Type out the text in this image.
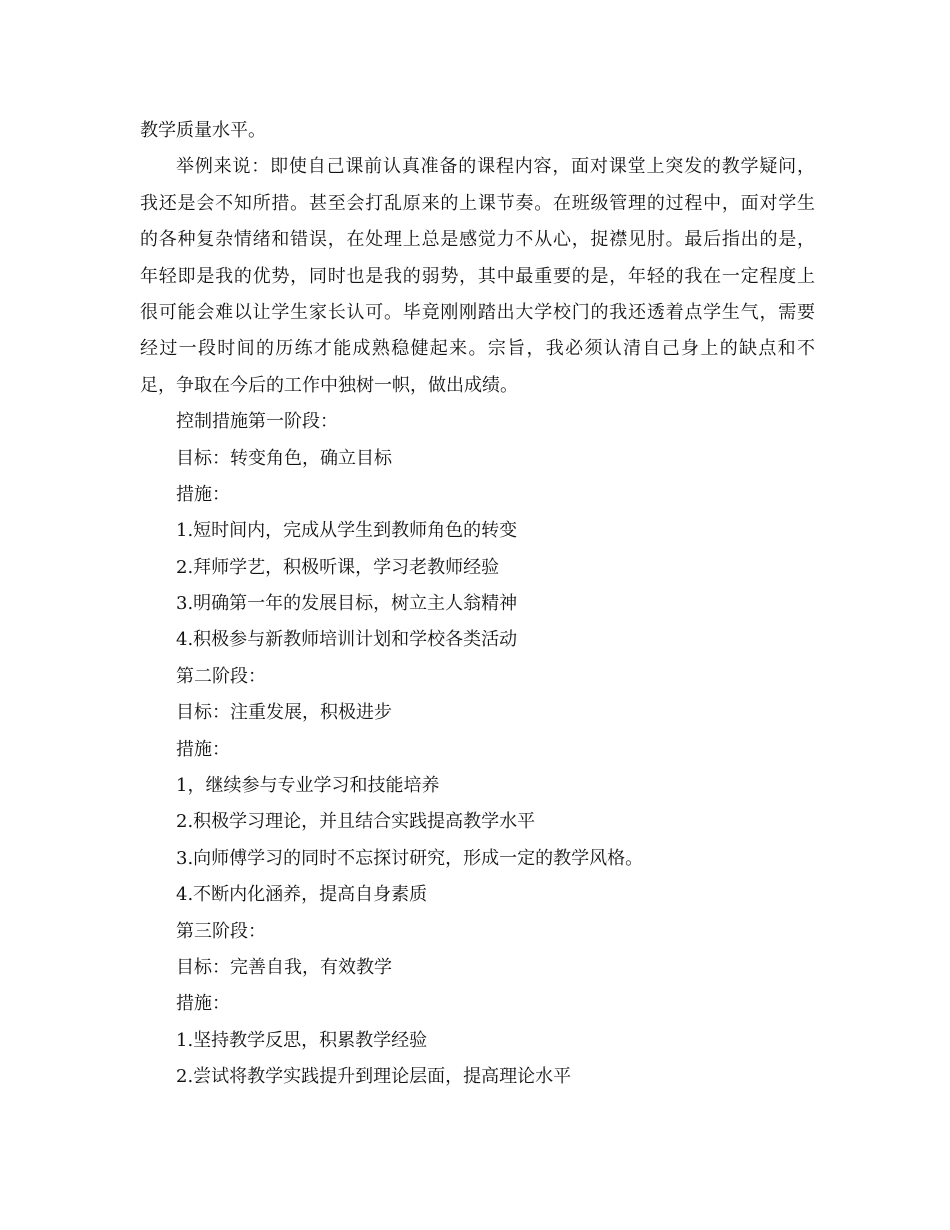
教学质量水平。
举例来说：即使自己课前认真准备的课程内容，面对课堂上突发的教学疑问，
我还是会不知所措。甚至会打乱原来的上课节奏。在班级管理的过程中，面对学生
的各种复杂情绪和错误，在处理上总是感觉力不从心，捉襟见肘。最后指出的是，
年轻即是我的优势，同时也是我的弱势，其中最重要的是，年轻的我在一定程度上
很可能会难以让学生家长认可。毕竟刚刚踏出大学校门的我还透着点学生气，需要
经过一段时间的历练才能成熟稳健起来。宗旨，我必须认清自己身上的缺点和不
足，争取在今后的工作中独树一帜，做出成绩。
控制措施第一阶段：
目标：转变角色，确立目标
措施：
1.短时间内，完成从学生到教师角色的转变
2.拜师学艺，积极听课，学习老教师经验
3.明确第一年的发展目标，树立主人翁精神
4.积极参与新教师培训计划和学校各类活动
第二阶段：
目标：注重发展，积极进步
措施：
1，继续参与专业学习和技能培养
2.积极学习理论，并且结合实践提高教学水平
3.向师傅学习的同时不忘探讨研究，形成一定的教学风格。
4.不断内化涵养，提高自身素质
第三阶段：
目标：完善自我，有效教学
措施：
1.坚持教学反思，积累教学经验
2.尝试将教学实践提升到理论层面，提高理论水平
